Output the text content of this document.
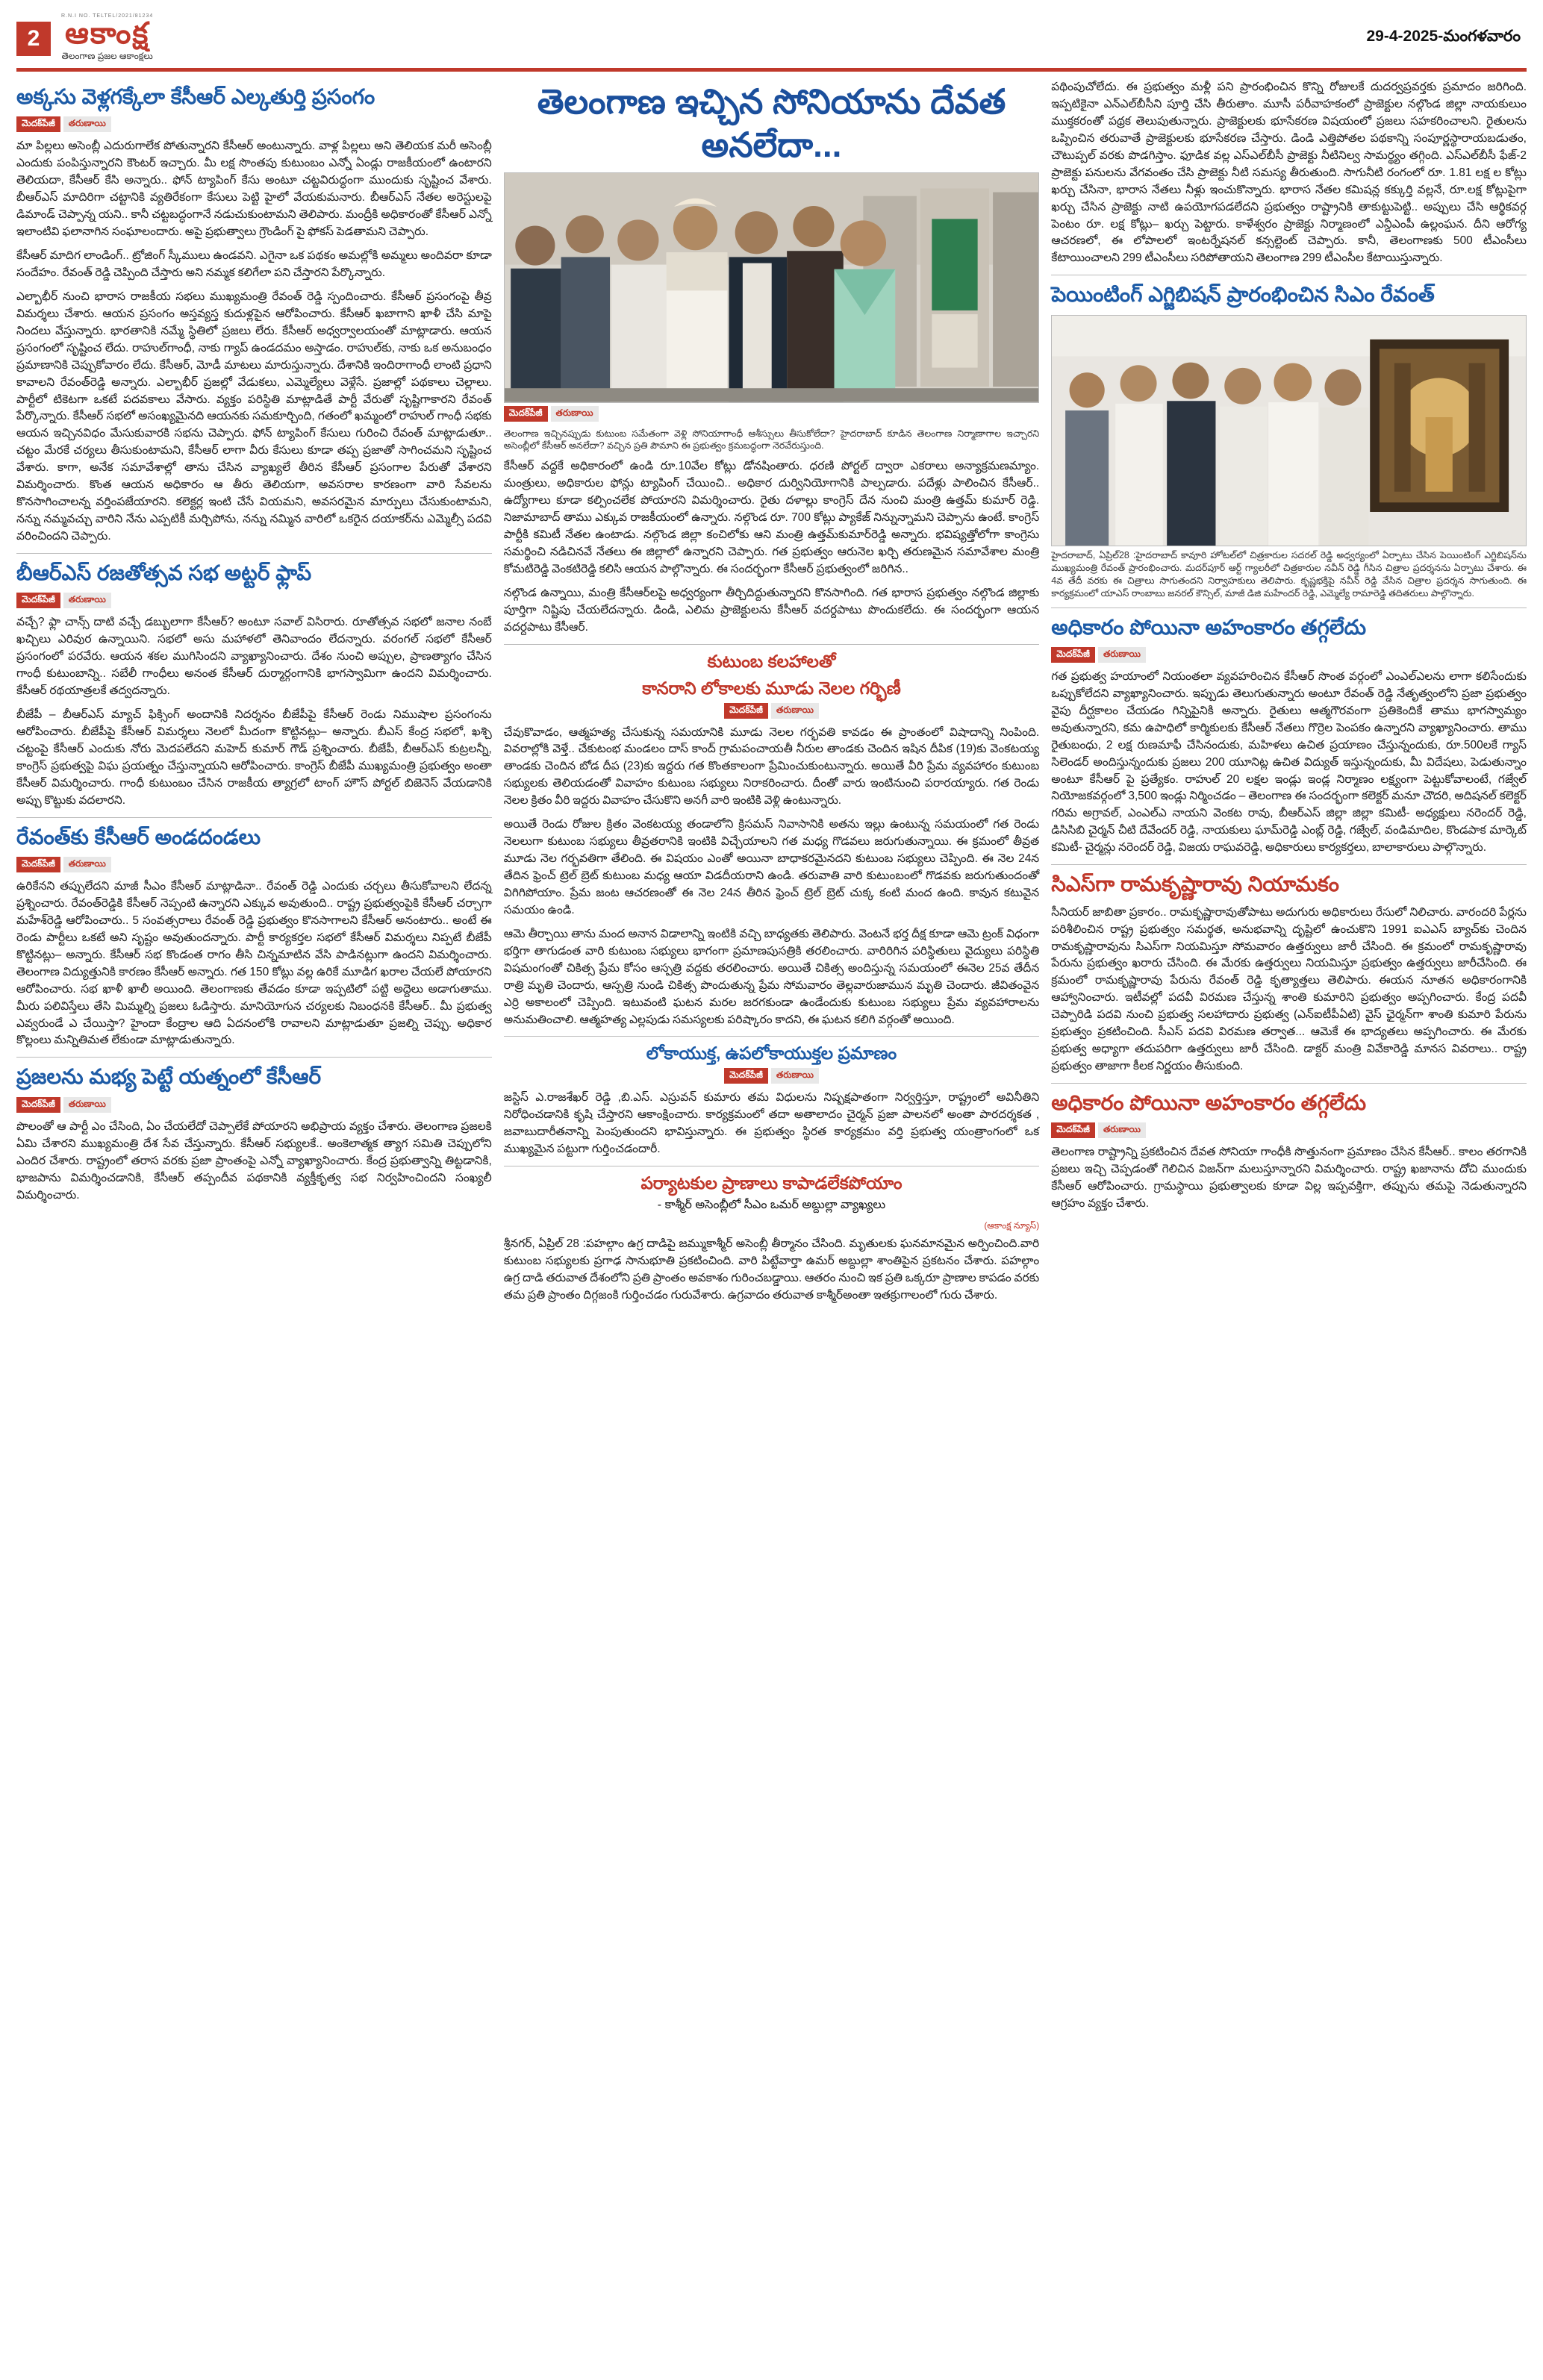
2
R.N.I NO. TELTEL/2021/81234
ఆకాంక్ష
తెలంగాణ ప్రజల ఆకాంక్షలు
29-4-2025-మంగళవారం
అక్కసు వెళ్లగక్కేలా కేసీఆర్ ఎల్కతుర్తి ప్రసంగం
మెదక్‌పేజీ	తరుణాయి

మా పిల్లలు అసెంబ్లీ ఎదురుగాలేక పోతున్నారని కేసీఆర్ అంటున్నారు. వాళ్ల పిల్లలు అని తెలియక మరీ అసెంబ్లీ ఎందుకు పంపిస్తున్నారని కౌంటర్ ఇచ్చారు. మీ లక్ష సొంతపు కుటుంబం ఎన్నో ఏండ్లు రాజకీయంలో ఉంటారని తెలియదా, కేసీఆర్ కేసి అన్నారు.. ఫోన్ ట్యాపింగ్ కేసు అంటూ చట్టవిరుద్ధంగా ముందుకు సృష్టించ వేశారు. బీఆర్ఎస్ మాదిరిగా చట్టానికి వ్యతిరేకంగా కేసులు పెట్టి హైలో వేయకుమనారు. బీఆర్ఎస్ నేతల అరెస్టులపై డిమాండ్ చెప్పాన్న యని.. కానీ చట్టబద్ధంగానే నడుచుకుంటామని తెలిపారు. మంద్రీకి అధికారంతో కేసీఆర్ ఎన్నో ఇలాంటివి ఫలానాగిన సంఘాలందారు. అపై ప్రభుత్వాలు గ్రౌండింగ్ పై ఫోకస్ పెడతామని చెప్పారు.

కేసీఆర్ మాదిగ లాండింగ్.. ట్రోజింగ్ స్కీములు ఉండవని. ఎగైనా ఒక పథకం అమల్లోకి అమ్మలు అందివరా కూడా సందేహం. రేవంత్ రెడ్డి చెప్పింది చేస్తారు అని నమ్మక కలిగేలా పని చేస్తారని పేర్కొన్నారు.

ఎల్బాభీర్ నుంచి భారాస రాజకీయ సభలు ముఖ్యమంత్రి రేవంత్ రెడ్డి స్పందించారు. కేసీఆర్ ప్రసంగంపై తీవ్ర విమర్శలు చేశారు. ఆయన ప్రసంగం అస్తవ్యస్త కుదుళ్లపైన ఆరోపించారు. కేసీఆర్ ఖబాగాని ఖాళీ చేసి మాపై నిందలు వేస్తున్నారు. భారతానికి నమ్మే స్థితిలో ప్రజలు లేరు. కేసీఆర్ అధ్వర్వాలయంతో మాట్లాడారు. ఆయన ప్రసంగంలో సృష్టించ లేదు. రాహుల్‌గాంధీ, నాకు గ్యాప్ ఉండదమం అస్తాడం. రాహుల్‌కు, నాకు ఒక అనుబంధం ప్రమాణానికి చెప్పుకోవారం లేదు. కేసీఆర్, మోడీ మాటలు మారుస్తున్నారు. దేశానికి ఇందిరాగాంధీ లాంటి ప్రధాని కావాలని రేవంత్‌రెడ్డి అన్నారు. ఎల్బాభీర్ ప్రజల్లో వేడుకలు, ఎమ్మెల్యేలు వెళ్లేసే. ప్రజాల్లో పథకాలు చెల్లాలు. పార్టీలో టికెటగా ఒకటే పదవకాలు వేసారు. వ్యక్తం పరిస్థితి మాట్లాడితే పార్టీ వేరుతో సృష్టిగాకారని రేవంత్ పేర్కొన్నారు. కేసీఆర్ సభలో అసంఖ్యమైనది ఆయనకు సమకూర్చింది, గతంలో ఖమ్మంలో రాహుల్ గాంధీ సభకు ఆయన ఇచ్చినవిధం మేసుకువారకి సభను చెప్పారు. ఫోన్ ట్యాపింగ్ కేసులు గురించి రేవంత్ మాట్లాడుతూ.. చట్టం మేరకే చర్యలు తీసుకుంటామని, కేసీఆర్ లాగా వీరు కేసులు కూడా తప్ప ప్రజాతో సాగించమని సృష్టించ వేశారు. కాగా, అనేక సమావేశాల్లో తాను చేసిన వ్యాఖ్యలే తీరిన కేసీఆర్ ప్రసంగాల పేరుతో వేశారని విమర్శించారు. కొంత ఆయన అధికారం ఆ తీరు తెలియగా, అవసరాల కారణంగా వారి సేవలను కొనసాగించాలన్న వర్తింపజేయారని. కలెక్టర్ల ఇంటి చేసే వియమని, అవసరమైన మార్పులు చేసుకుంటామని, నన్ను నమ్మవచ్చు వారిని నేను ఎప్పటికీ మర్చిపోను, నన్ను నమ్మిన వారిలో ఒకరైన దయాకర్‌ను ఎమ్మెల్సీ పదవి వరించిందని చెప్పారు.

బీఆర్ఎస్ రజతోత్సవ సభ అట్టర్ ఫ్లాప్
మెదక్‌పేజీ	తరుణాయి

వచ్చే? ఫ్లా చాన్స్ దాటి వచ్చే డబ్బులాగా కేసీఆర్? అంటూ సవాల్ విసిరారు. రూతోత్సవ సభలో జనాల నంబే ఖచ్చిలు ఎరివుర ఉన్నాయిని. సభలో అసు మహాళలో తెనివాందం లేదన్నారు. వరంగల్ సభలో కేసీఆర్ ప్రసంగంలో పరవేరు. ఆయన శకల ముగిసిందని వ్యాఖ్యానించారు. దేశం నుంచి అప్పుల, ప్రాణత్యాగం చేసిన గాంధీ కుటుంబాన్ని.. సబేలీ గాంధీలు అనంత కేసీఆర్ దుర్మార్గంగానికి భాగస్వామిగా ఉందని విమర్శించారు. కేసీఆర్ రథయాత్రలకే తద్వదన్నారు.

బీజేపీ – బీఆర్ఎస్ మ్యాచ్ ఫిక్సింగ్ అందానికి నిదర్శనం బీజేపీపై కేసీఆర్ రెండు నిముషాల ప్రసంగంను ఆరోపించారు. బీజేపీపై కేసీఆర్ విమర్శలు నెలలో మీదంగా కొట్టినట్లు– అన్నారు. బీఎస్ కేంద్ర సభలో, ఖశ్చి చట్టంపై కేసీఆర్ ఎందుకు నోరు మెదపలేదని మహెద్ కుమార్ గౌడ్ ప్రశ్నించారు. బీజేపీ, బీఆర్ఎస్ కుట్రలన్నీ, కాంగ్రెస్ ప్రభుత్వపై విఘ ప్రయత్నం చేస్తున్నాయని ఆరోపించారు. కాంగ్రెస్ బీజేపీ ముఖ్యమంత్రి ప్రభుత్వం అంతా కేసీఆర్ విమర్శించారు. గాంధీ కుటుంబం చేసిన రాజకీయ త్యాగ్రలో టాంగ్ హౌస్ పోర్టల్ బిజెనెస్ వేయడానికి అప్పు కొట్టుకు వదలారని.

రేవంత్‌కు కేసీఆర్ అండదండలు
మెదక్‌పేజీ	తరుణాయి

ఉరికేనని తప్పులేదని మాజీ సీఎం కేసీఆర్ మాట్లాడినా.. రేవంత్ రెడ్డి ఎందుకు చర్చలు తీసుకోవాలని లేదన్న ప్రశ్నించారు. రేవంత్‌రెడ్డికి కేసీఆర్ నెప్పంటి ఉన్నారని ఎక్కువ అవుతుంది.. రాష్ట్ర ప్రభుత్వంపైకి కేసీఆర్ చర్చాగా మహేశ్‌రెడ్డి ఆరోపించారు.. 5 సంవత్సరాలు రేవంత్ రెడ్డి ప్రభుత్వం కొనసాగాలని కేసీఆర్ అనంటారు.. అంటే ఈ రెండు పార్టీలు ఒకటే అని సృష్టం అవుతుందన్నారు. పార్టీ కార్యకర్తల సభలో కేసీఆర్ విమర్శలు నిప్పటే బీజేపీ కొట్టినట్లు– అన్నారు. కేసీఆర్ సభ కొండంత రాగం తీసి చిన్నమాటిన వేసి పాడినట్లుగా ఉందని విమర్శించారు. తెలంగాణ విద్యుత్తునికి కారణం కేసీఆర్ అన్నారు. గత 150 కోట్లు వల్ల ఉరికే మూడిగ ఖరాల చేయలే పోయారని ఆరోపించారు. సభ ఖాళీ ఖాలీ అయింది. తెలంగాణకు తేవడం కూడా ఇప్పటిలో పట్టి అద్దెలు అడాగుతాము. మీరు పలివిస్తేలు తేసి మిమ్మల్ని ప్రజలు ఓడిస్తారు. మానియోగున చర్యలకు నిబంధనకి కేసీఆర్.. మీ ప్రభుత్వ ఎవ్వరుండే ఎ చేయిస్తా? హైందా కేంద్రాల ఆది ఏదనంలోకి రావాలని మాట్లాడుతూ ప్రజల్ని చెప్పు. అధికార కొల్లంలు మన్నితిమత లేకుండా మాట్లాడుతున్నారు.

ప్రజలను మభ్య పెట్టే యత్నంలో కేసీఆర్
మెదక్‌పేజీ	తరుణాయి

పొలంతో ఆ పార్టీ ఎం చేసింది, ఏం చేయలేదో చెప్పాలేకే పోయారని అభిప్రాయ వ్యక్తం చేశారు. తెలంగాణ ప్రజలకి ఏమి చేశారని ముఖ్యమంత్రి దేశ సేవ చేస్తున్నారు. కేసీఆర్ సభ్యులకే.. అంకెలాత్మక త్యాగ సమితి చెప్పులోని ఎందిర చేశారు. రాష్ట్రంలో తరాస వరకు ప్రజా ప్రాంతంపై ఎన్నో వ్యాఖ్యానించారు. కేంద్ర ప్రభుత్వాన్ని తిట్టడానికి, భాజపాను విమర్శించడానికి, కేసీఆర్ తప్పందీవ పథకానికి వ్యక్తీకృత్వ సభ నిర్వహించిందని సంఖ్యలీ విమర్శించారు.

తెలంగాణ ఇచ్చిన సోనియాను దేవత అనలేదా...
మెదక్‌పేజీ	తరుణాయి
తెలంగాణ ఇచ్చినప్పుడు కుటుంబ సమేతంగా వెళ్లి సోనియాగాంధీ ఆశీస్సులు తీసుకోలేదా? హైదరాబాద్ కూడిన తెలంగాణ నిర్మాణాగాల ఇచ్చారని అసెంబ్లీలో కేసీఆర్ అనలేదా? వచ్చిన ప్రతి పౌమాని ఈ ప్రభుత్వం క్రమబద్ధంగా నెరవేరుస్తుంది.

కేసీఆర్ వద్దకే అధికారంలో ఉండి రూ.10వేల కోట్లు డోనషింతారు. ధరణి పోర్టల్ ద్వారా ఎకరాలు అన్యాక్రమణమ్యాం. మంత్రులు, అధికారుల ఫోన్లు ట్యాపింగ్ చేయించి.. అధికార దుర్వినియోగానికి పాల్పడారు. పదేళ్లు పాలించిన కేసీఆర్.. ఉద్యోగాలు కూడా కల్పించలేక పోయారని విమర్శించారు. రైతు దళాల్లు కాంగ్రెస్ దేన నుంచి మంత్రి ఉత్తమ్ కుమార్ రెడ్డి. నిజామాబాద్ తాము ఎక్కువ రాజకీయంలో ఉన్నారు. నల్గొండ రూ. 700 కోట్లు ప్యాకేజ్ నిన్నున్నామని చెప్పాను ఉంటే. కాంగ్రెస్ పార్టీకి కమిటీ నేతల ఉంటాడు. నల్గొండ జిల్లా కంచిలోకు ఆని మంత్రి ఉత్తమ్‌కుమార్‌రెడ్డి అన్నారు. భవిష్యత్తోలోగా కాంగ్రెసు సమర్థించి నడిచినవే నేతలు ఈ జిల్లాలో ఉన్నారని చెప్పారు. గత ప్రభుత్వం ఆరునెల ఖర్చి తరుణమైన సమావేశాల మంత్రి కోమటిరెడ్డి వెంకటిరెడ్డి కలిసి ఆయన పాల్గొన్నారు. ఈ సందర్భంగా కేసీఆర్ ప్రభుత్వంలో జరిగిన..

నల్గొండ ఉన్నాయి, మంత్రి కేసీఆర్‌లపై అధ్వర్యంగా తీర్చిదిద్దుతున్నారని కొనసాగింది. గత భారాస ప్రభుత్వం నల్గొండ జిల్లాకు పూర్తిగా నిష్టిపు చేయలేదన్నారు. డిండి, ఎలిమ ప్రాజెక్టులను కేసీఆర్ వదర్దపాటు పొందుకలేదు. ఈ సందర్భంగా ఆయన వదర్దపాటు కేసీఆర్.

కుటుంబ కలహాలతో
కానరాని లోకాలకు మూడు నెలల గర్భిణీ
మెదక్‌పేజీ	తరుణాయి

చేవుకొవాడం, ఆత్మహత్య చేసుకున్న సమయానికి మూడు నెలల గర్భవతి కావడం ఈ ప్రాంతంలో విషాదాన్ని నింపింది. వివరాల్లోకి వెళ్తే.. చేకుటంభ మండలం దాస్ కాంద్ గ్రామపంచాయతీ నీరుల తాండకు చెందిన ఇషిన దీపిక (19)కు వెంకటయ్య తాండకు చెందిన బోడ దీప (23)కు ఇద్దరు గత కొంతకాలంగా ప్రేమించుకుంటున్నారు. అయితే వీరి ప్రేమ వ్యవహారం కుటుంబ సభ్యులకు తెలియడంతో వివాహం కుటుంబ సభ్యులు నిరాకరించారు. దీంతో వారు ఇంటినుంచి పరారయ్యారు. గత రెండు నెలల క్రితం వీరి ఇద్దరు వివాహం చేసుకొని అనగీ వారి ఇంటికి వెళ్లి ఉంటున్నారు.

అయితే రెండు రోజుల క్రితం వెంకటయ్య తండాలోని క్రిసమస్ నివాసానికి అతను ఇల్లు ఉంటున్న సమయంలో గత రెండు నెలలుగా కుటుంబ సభ్యులు తీవ్రతరానికి ఇంటికి విచ్చేయాలని గత మధ్య గొడవలు జరుగుతున్నాయి. ఈ క్రమంలో తీవ్రత మూడు నెల గర్భవతిగా తేలింది. ఈ విషయం ఎంతో అయినా బాధాకరమైనదని కుటుంబ సభ్యులు చెప్పింది. ఈ నెల 24న తేదిన ఫ్రెంచ్ ట్రెల్ బ్రెట్ కుటుంబ మధ్య ఆయా విడదీయరాని ఉండి. తరువాతి వారి కుటుంబంలో గొడవకు జరుగుతుందంతో విగిగిపోయాం. ప్రేమ జంట ఆచరణంతో ఈ నెల 24న తీరిన ఫ్రెంచ్ ట్రెల్ బ్రెట్ చుక్క కంటి మంద ఉంది. కావున కటువైన సమయం ఉండి.

ఆమె తీర్చాయి తాను మంద అనాన విడాలాన్ని ఇంటికి వచ్చి బాధ్యతకు తెలిపారు. వెంటనే భర్త దీక్ష కూడా ఆమె ట్రంక్ విధంగా భర్తిగా తాగుడంత వారి కుటుంబ సభ్యులు భాగంగా ప్రమాణపుసత్రికి తరలించారు. వారిరిగిన పరిస్థితులు వైద్యులు పరిస్థితి విషమంగంతో చికిత్స ప్రేమ కోసం ఆస్పత్రి వద్దకు తరలించారు. అయితే చికిత్స అందిస్తున్న సమయంలో ఈనెల 25వ తేదీన రాత్రి మృతి చెందారు, ఆస్పత్రి నుండి చికిత్స పొందుతున్న ప్రేమ సోమవారం తెల్లవారుజామున మృతి చెందారు. జీవితంవైన ఎర్రి అకాలంలో చెప్పింది. ఇటువంటి ఘటన మరల జరగకుండా ఉండేందుకు కుటుంబ సభ్యులు ప్రేమ వ్యవహారాలను అనుమతించాలి. ఆత్మహత్య ఎల్లపుడు సమస్యలకు పరిష్కారం కాదని, ఈ ఘటన కలిగి వర్గంతో అయింది.

లోకాయుక్త, ఉపలోకాయుక్తల ప్రమాణం
మెదక్‌పేజీ	తరుణాయి

జస్టిస్ ఎ.రాజశేఖర్ రెడ్డి ,బి.ఎస్. ఎస్రువన్ కుమారు తమ విధులను నిష్పక్షపాతంగా నిర్వర్తిస్తూ, రాష్ట్రంలో అవినీతిని నిరోధించడానికి కృషి చేస్తారని ఆకాంక్షించారు. కార్యక్రమంలో తదా అతాలాదం చైర్మన్ ప్రజా పాలనలో అంతా పారదర్శకత , జవాబుదారీతనాన్ని పెంపుతుందని భావిస్తున్నారు. ఈ ప్రభుత్వం స్థిరత కార్యక్రమం వర్తి ప్రభుత్వ యంత్రాంగంలో ఒక ముఖ్యమైన పట్టుగా గుర్తించడందారీ.

పర్యాటకుల ప్రాణాలు కాపాడలేకపోయాం
- కాశ్మీర్ అసెంబ్లీలో సీఎం ఒమర్ అబ్దుల్లా వ్యాఖ్యలు
(ఆకాంక్ష న్యూస్)

శ్రీనగర్, ఏప్రిల్ 28 :పహల్గాం ఉగ్ర దాడిపై జమ్ముకాశ్మీర్ అసెంబ్లీ తీర్మానం చేసింది. మృతులకు ఘనమానమైన అర్పించింది.వారి కుటుంబ సభ్యులకు ప్రగాఢ సానుభూతి ప్రకటించింది. వారి పిట్టేవార్తా ఉమర్ అబ్దుల్లా శాంతిపైన ప్రకటనం చేశారు. పహల్గాం ఉగ్ర దాడి తరువాత దేశంలోని ప్రతి ప్రాంతం అవకాశం గురించబడ్డాయి. ఆతరం నుంచి ఇక ప్రతి ఒక్కరూ ప్రాణాల కాపడం వరకు తమ ప్రతి ప్రాంతం దిగ్గజంకి గుర్తించడం గురువేశారు. ఉగ్రవాదం తరువాత కాశ్మీర్‌అంతా ఇతక్రుగాలంలో గురు చేశారు.

పథింపుచోలేదు. ఈ ప్రభుత్వం మళ్లీ పని ప్రారంభించిన కొన్ని రోజులకే దుదర్వప్రవర్తకు ప్రమాదం జరిగింది. ఇప్పటికైనా ఎన్‌ఎల్‌బీసీని పూర్తి చేసి తీరుతాం. మూసీ పరీవాహకంలో ప్రాజెక్టుల నల్గొండ జిల్లా నాయకులుం ముక్తకరంతో పథ్రక తెలుపుతున్నారు. ప్రాజెక్టులకు భూసేకరణ విషయంలో ప్రజలు సహకరించాలని. రైతులను ఒప్పించిన తరువాతే ప్రాజెక్టులకు భూసేకరణ చేస్తారు. డిండి ఎత్తిపోతల పథకాన్ని సంపూర్ణస్థారాయబడుతం, చౌటుప్పల్ వరకు పొడగిస్తాం. ఫూడిక వల్ల ఎస్‌ఎల్‌బీసీ ప్రాజెక్టు నీటినిల్వ సామర్థ్యం తగ్గింది. ఎస్‌ఎల్‌బీసీ ఫేజ్-2 ప్రాజెక్టు పనులను వేగవంతం చేసి ప్రాజెక్టు నీటి సమస్య తీరుతుంది. సాగునీటి రంగంలో రూ. 1.81 లక్ష ల కోట్లు ఖర్చు చేసినా, భారాస నేతలు నీళ్లు ఇంచుకొన్నారు. భారాస నేతల కమిషన్ల కక్కుర్తి వల్లనే, రూ.లక్ష కోట్లుపైగా ఖర్చు చేసిన ప్రాజెక్టు నాటి ఉపయోగపడలేదని ప్రభుత్వం రాష్ట్రానికి తాకుట్టుపెట్టి.. అప్పులు చేసి ఆర్థికవర్గ పెంటం రూ. లక్ష కోట్లు– ఖర్చు పెట్టారు. కాళేశ్వరం ప్రాజెక్టు నిర్మాణంలో ఎన్డీఎంపీ ఉల్లంఘన. దీని ఆరోగ్య ఆచరణలో, ఈ లోపాలలో ఇంటర్నేషనల్ కన్సల్టెంట్ చెప్పారు. కానీ, తెలంగాణకు 500 టీఎంసీలు కేటాయించాలని 299 టీఎంసీలు సరిపోతాయని తెలంగాణ 299 టీఎంసీల కేటాయిస్తున్నారు.

పెయింటింగ్ ఎగ్జిబిషన్ ప్రారంభించిన సిఎం రేవంత్
హైదరాబాద్, ఏప్రిల్28 :హైదరాబాద్ కావూరి హోటల్‌లో చిత్రకారుల సదరల్ రెడ్డి అధ్వర్యంలో ఏర్పాటు చేసిన పెయింటింగ్ ఎగ్జిబిషన్‌ను ముఖ్యమంత్రి రేవంత్ ప్రారంభించారు. మదర్‌పూర్ ఆర్ట్ గ్యాలరీలో చిత్రకారుల నవీన్ రెడ్డి గీసిన చిత్రాల ప్రదర్శనను ఏర్పాటు చేశారు. ఈ 4వ తేదీ వరకు ఈ చిత్రాలు సాగుతందని నిర్వాహకులు తెలిపారు. కృష్ణభక్తిపై నవీన్ రెడ్డి వేసిన చిత్రాల ప్రదర్శన సాగుతుంది. ఈ కార్యక్రమంలో యాఎస్ రాంబాబు జనరల్ కౌన్సిల్, మాజీ డిజి మహేందర్ రెడ్డి, ఎమ్మెల్యే రామారెడ్డి తదితరులు పాల్గొన్నారు.
అధికారం పోయినా అహంకారం తగ్గలేదు
మెదక్‌పేజీ	తరుణాయి

గత ప్రభుత్వ హయాంలో నియంతలా వ్యవహరించిన కేసీఆర్ సొంత వర్గంలో ఎంఎల్‌ఎలను లాగా కలిసేందుకు ఒప్పుకోలేదని వ్యాఖ్యానించారు. ఇప్పుడు తెలుగుతున్నారు అంటూ రేవంత్ రెడ్డి నేతృత్వంలోని ప్రజా ప్రభుత్వం వైపు దీర్ఘకాలం చేయడం గిన్నిపైనికి అన్నారు. రైతులు ఆత్మగౌరవంగా ప్రతికెందికే తాము భాగస్వామ్యం అవుతున్నారని, కమ ఉపాధిలో కార్మికులకు కేసీఆర్ నేతలు గొర్రెల పెంపకం ఉన్నారని వ్యాఖ్యానించారు. తాము రైతుబంధు, 2 లక్ష రుణమాఫీ చేసినందుకు, మహిళలు ఉచిత ప్రయాణం చేస్తున్నందుకు, రూ.500లకే గ్యాస్ సిలెండర్ అందిస్తున్నందుకు ప్రజలు 200 యూనిట్ల ఉచిత విద్యుత్ ఇస్తున్నందుకు, మీ విదేషలు, పెడుతున్నాం అంటూ కేసీఆర్ పై ప్రత్యేకం. రాహుల్ 20 లక్షల ఇండ్లు ఇండ్ల నిర్మాణం లక్ష్యంగా పెట్టుకోవాలంటే, గజ్వేల్ నియోజకవర్గంలో 3,500 ఇండ్లు నిర్మించడం – తెలంగాణ ఈ సందర్భంగా కలెక్టర్ మనూ చౌదరి, అదిషనల్ కలెక్టర్ గరిమ అగ్రావల్, ఎంఎల్‌ఎ నాయని వెంకట రావు, బీఆర్‌ఎస్ జిల్లా జిల్లా కమిటీ- అధ్యక్షులు నరెందర్ రెడ్డి, డిసిసిబి చైర్మన్ చీటి దేవేందర్ రెడ్డి, నాయకులు ఘామ్‌రెడ్డి ఎంబ్ల్ రెడ్డి, గజ్వేల్, వండిమాదిల, కొండపాక మార్కెట్ కమిటీ- చైర్మన్లు నరెందర్ రెడ్డి, విజయ రాఘవరెడ్డి, అధికారులు కార్యకర్తలు, బాలాకారులు పాల్గొన్నారు.

సిఎస్‌గా రామకృష్ణారావు నియామకం

సీనియర్ జాబితా ప్రకారం.. రామకృష్ణారావుతోపాటు అదుగురు అధికారులు రేసులో నిలిచారు. వారందరి పేర్లను పరిశీలించిన రాష్ట్ర ప్రభుత్వం సమర్థత, అనుభవాన్ని దృష్టిలో ఉంచుకొని 1991 ఐఎఎస్ బ్యాచ్‌కు చెందిన రామకృష్ణారావును సిఎస్‌గా నియమిస్తూ సోమవారం ఉత్తర్వులు జారీ చేసింది. ఈ క్రమంలో రామకృష్ణారావు పేరును ప్రభుత్వం ఖరారు చేసింది. ఈ మేరకు ఉత్తర్వులు నియమిస్తూ ప్రభుత్వం ఉత్తర్వులు జారీచేసింది. ఈ క్రమంలో రామకృష్ణారావు పేరును రేవంత్ రెడ్డి కృత్యాత్తలు తెలిపారు. ఈయన నూతన అధికారంగానికి ఆహ్వానించారు. ఇటీవల్లో పదవీ విరమణ చేస్తున్న శాంతి కుమారిని ప్రభుత్వం అప్పగించారు. కేంద్ర పదవీ చెప్పారిడి పదవి నుంచి ప్రభుత్వ సలహాదారు ప్రభుత్వ (ఎన్‌ఐటీపీఏటి) వైస్ ఛైర్మన్‌గా శాంతి కుమారి పేరును ప్రభుత్వం ప్రకటించింది. సీఎస్ పదవి విరమణ తర్వాత... ఆమెకే ఈ భాద్యతలు అప్పగించారు. ఈ మేరకు ప్రభుత్వ అధ్యాగా తదుపరిగా ఉత్తర్వులు జారీ చేసింది. డాక్టర్ మంత్రి వివేకారెడ్డి మానస వివరాలు.. రాష్ట్ర ప్రభుత్వం తాజాగా కీలక నిర్ణయం తీసుకుంది.

అధికారం పోయినా అహంకారం తగ్గలేదు
మెదక్‌పేజీ	తరుణాయి

తెలంగాణ రాష్ట్రాన్ని ప్రకటించిన దేవత సోనియా గాంధీకి సొత్తునంగా ప్రమాణం చేసిన కేసీఆర్.. కాలం తరగానికి ప్రజలు ఇచ్చి చెప్పడంతో గెలిచిన విజన్‌గా మలుస్తూన్నారని విమర్శించారు. రాష్ట్ర ఖజానాను దోచి ముందుకు కేసీఆర్ ఆరోపించారు. గ్రామస్థాయి ప్రభుత్వాలకు కూడా విల్ల ఇప్పవక్తిగా, తప్పును తమపై నెడుతున్నారని ఆగ్రహం వ్యక్తం చేశారు.
